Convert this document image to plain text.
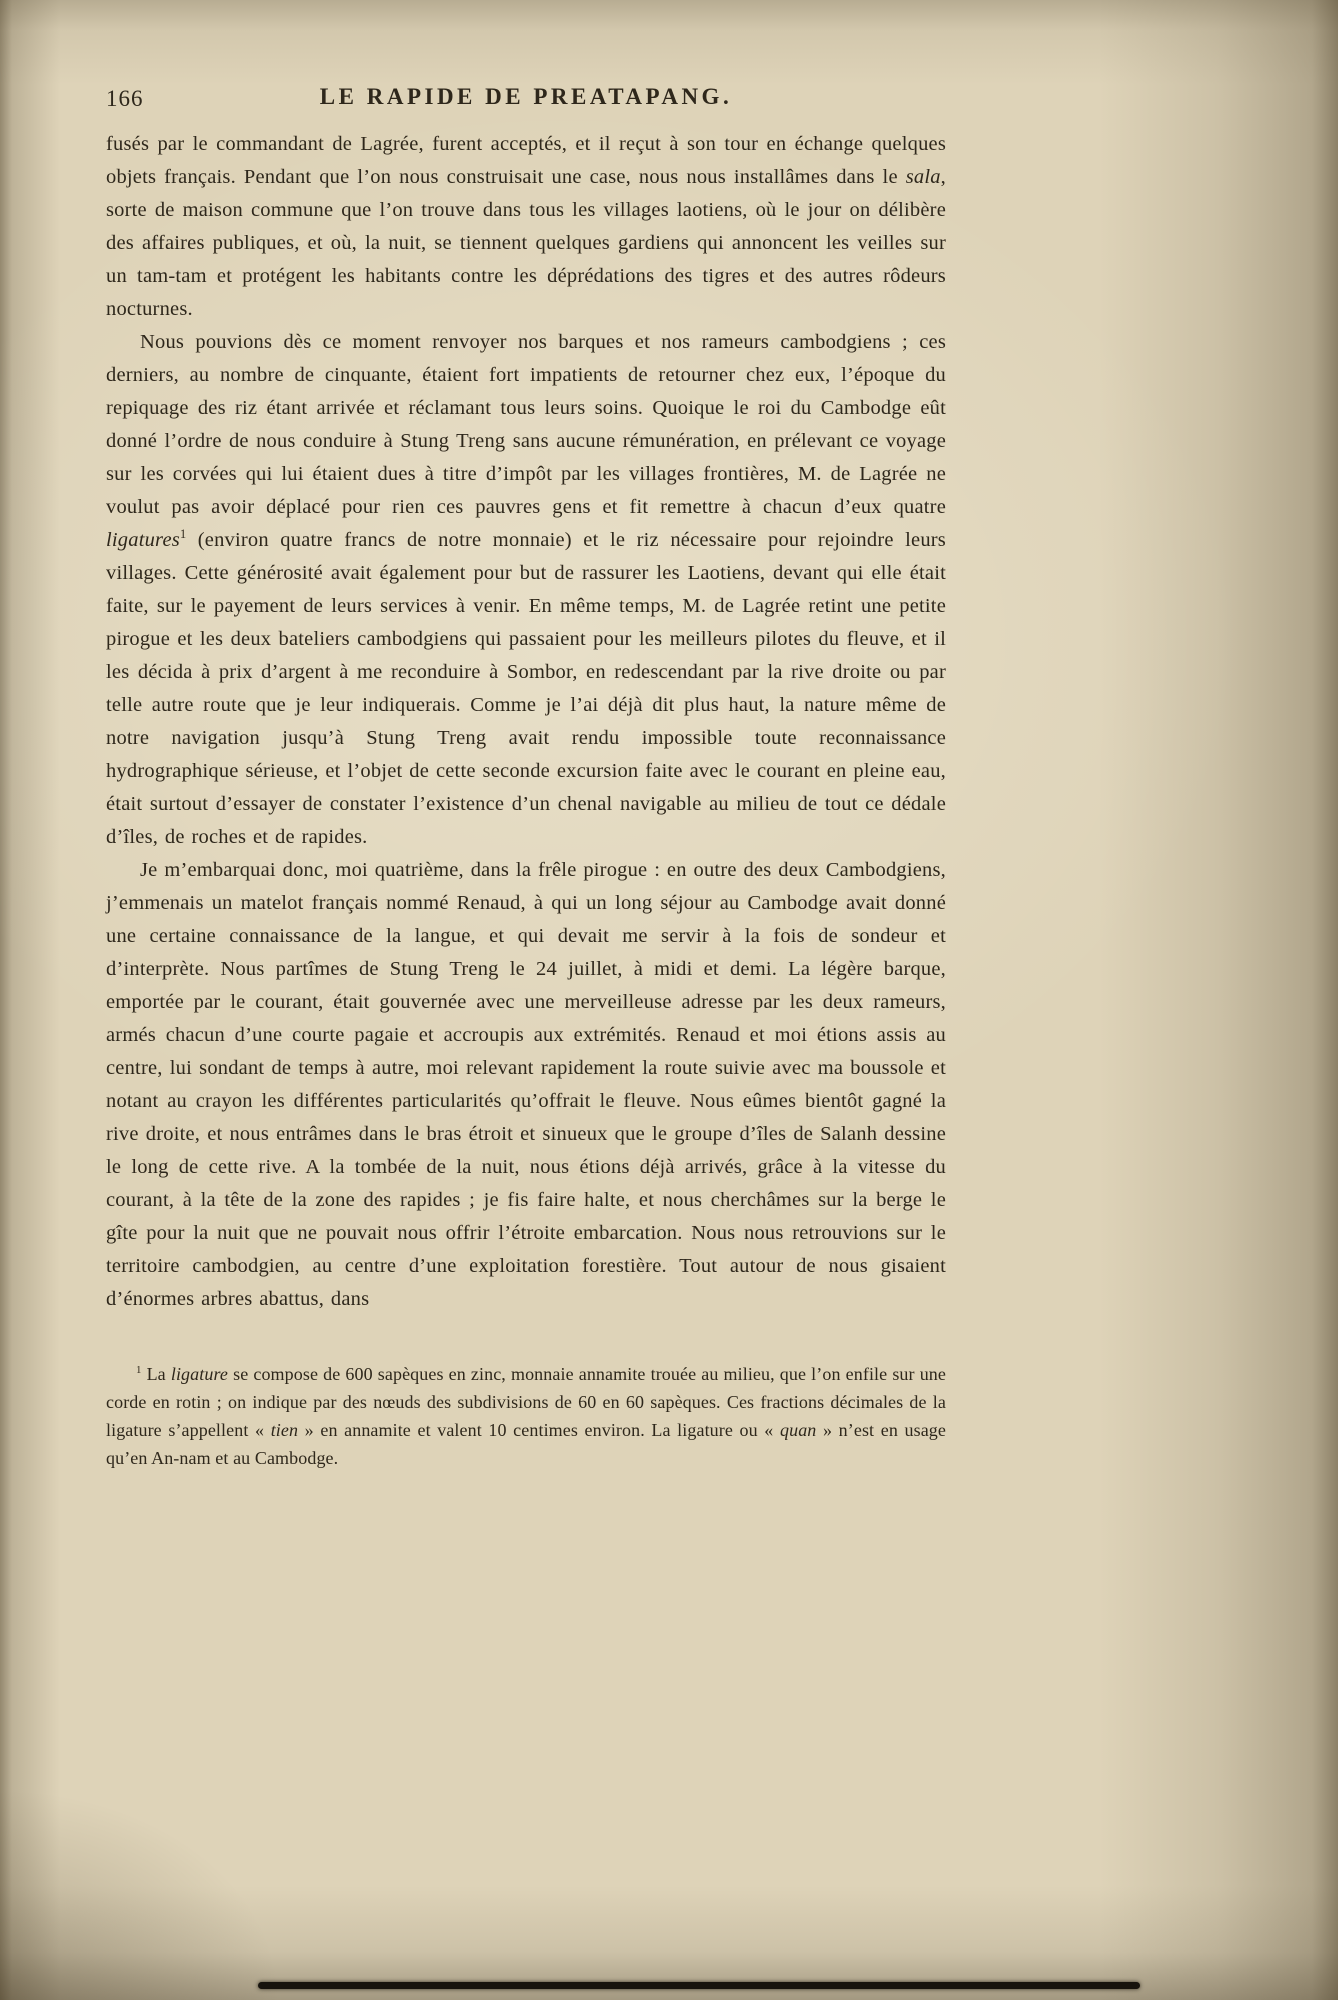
166	LE RAPIDE DE PREATAPANG.

fusés par le commandant de Lagrée, furent acceptés, et il reçut à son tour en échange quelques objets français. Pendant que l’on nous construisait une case, nous nous installâmes dans le sala, sorte de maison commune que l’on trouve dans tous les villages laotiens, où le jour on délibère des affaires publiques, et où, la nuit, se tiennent quelques gardiens qui annoncent les veilles sur un tam-tam et protégent les habitants contre les déprédations des tigres et des autres rôdeurs nocturnes.

Nous pouvions dès ce moment renvoyer nos barques et nos rameurs cambodgiens ; ces derniers, au nombre de cinquante, étaient fort impatients de retourner chez eux, l’époque du repiquage des riz étant arrivée et réclamant tous leurs soins. Quoique le roi du Cambodge eût donné l’ordre de nous conduire à Stung Treng sans aucune rémunération, en prélevant ce voyage sur les corvées qui lui étaient dues à titre d’impôt par les villages frontières, M. de Lagrée ne voulut pas avoir déplacé pour rien ces pauvres gens et fit remettre à chacun d’eux quatre ligatures$^1$ (environ quatre francs de notre monnaie) et le riz nécessaire pour rejoindre leurs villages. Cette générosité avait également pour but de rassurer les Laotiens, devant qui elle était faite, sur le payement de leurs services à venir. En même temps, M. de Lagrée retint une petite pirogue et les deux bateliers cambodgiens qui passaient pour les meilleurs pilotes du fleuve, et il les décida à prix d’argent à me reconduire à Sombor, en redescendant par la rive droite ou par telle autre route que je leur indiquerais. Comme je l’ai déjà dit plus haut, la nature même de notre navigation jusqu’à Stung Treng avait rendu impossible toute reconnaissance hydrographique sérieuse, et l’objet de cette seconde excursion faite avec le courant en pleine eau, était surtout d’essayer de constater l’existence d’un chenal navigable au milieu de tout ce dédale d’îles, de roches et de rapides.

Je m’embarquai donc, moi quatrième, dans la frêle pirogue : en outre des deux Cambodgiens, j’emmenais un matelot français nommé Renaud, à qui un long séjour au Cambodge avait donné une certaine connaissance de la langue, et qui devait me servir à la fois de sondeur et d’interprète. Nous partîmes de Stung Treng le 24 juillet, à midi et demi. La légère barque, emportée par le courant, était gouvernée avec une merveilleuse adresse par les deux rameurs, armés chacun d’une courte pagaie et accroupis aux extrémités. Renaud et moi étions assis au centre, lui sondant de temps à autre, moi relevant rapidement la route suivie avec ma boussole et notant au crayon les différentes particularités qu’offrait le fleuve. Nous eûmes bientôt gagné la rive droite, et nous entrâmes dans le bras étroit et sinueux que le groupe d’îles de Salanh dessine le long de cette rive. A la tombée de la nuit, nous étions déjà arrivés, grâce à la vitesse du courant, à la tête de la zone des rapides ; je fis faire halte, et nous cherchâmes sur la berge le gîte pour la nuit que ne pouvait nous offrir l’étroite embarcation. Nous nous retrouvions sur le territoire cambodgien, au centre d’une exploitation forestière. Tout autour de nous gisaient d’énormes arbres abattus, dans

$^1$ La ligature se compose de 600 sapèques en zinc, monnaie annamite trouée au milieu, que l’on enfile sur une corde en rotin ; on indique par des nœuds des subdivisions de 60 en 60 sapèques. Ces fractions décimales de la ligature s’appellent « tien » en annamite et valent 10 centimes environ. La ligature ou « quan » n’est en usage qu’en An-nam et au Cambodge.
